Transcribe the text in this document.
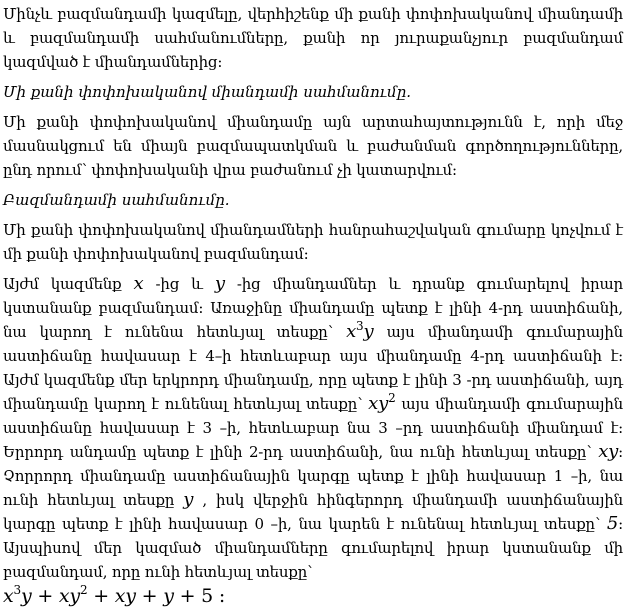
Մինչև բազմանդամի կազմելը, վերհիշենք մի քանի փոփոխականով միանդամի և բազմանդամի սահմանումները, քանի որ յուրաքանչյուր բազմանդամ կազմված է միանդամներից:

Մի քանի փոփոխականով միանդամի սահմանումը.

Մի քանի փոփոխականով միանդամը այն արտահայտությունն է, որի մեջ մասնակցում են միայն բազմապատկման և բաժանման գործողությունները, ընդ որում՝ փոփոխականի վրա բաժանում չի կատարվում:

Բազմանդամի սահմանումը.

Մի քանի փոփոխականով միանդամների հանրահաշվական գումարը կոչվում է մի քանի փոփոխականով բազմանդամ:

Այժմ կազմենք x -ից և y -ից միանդամներ և դրանք գումարելով իրար կստանանք բազմանդամ: Առաջինը միանդամը պետք է լինի 4-րդ աստիճանի, նա կարող է ունենա հետևյալ տեսքը՝ $x^3y$ այս միանդամի գումարային աստիճանը հավասար է 4–ի հետևաբար այս միանդամը 4-րդ աստիճանի է: Այժմ կազմենք մեր երկրորդ միանդամը, որը պետք է լինի 3 -րդ աստիճանի, այդ միանդամը կարող է ունենալ հետևյալ տեսքը՝ $xy^2$ այս միանդամի գումարային աստիճանը հավասար է 3 –ի, հետևաբար նա 3 –րդ աստիճանի միանդամ է: Երրորդ անդամը պետք է լինի 2-րդ աստիճանի, նա ունի հետևյալ տեսքը՝ xy: Չորրորդ միանդամը աստիճանային կարգը պետք է լինի հավասար 1 –ի, նա ունի հետևյալ տեսքը y , իսկ վերջին հինգերորդ միանդամի աստիճանային կարգը պետք է լինի հավասար 0 –ի, նա կարեն է ունենալ հետևյալ տեսքը՝ 5: Այսպիսով մեր կազմած միանդամները գումարելով իրար կստանանք մի բազմանդամ, որը ունի հետևյալ տեսքը՝
$x^3y + xy^2$ + xy + y + 5 :
